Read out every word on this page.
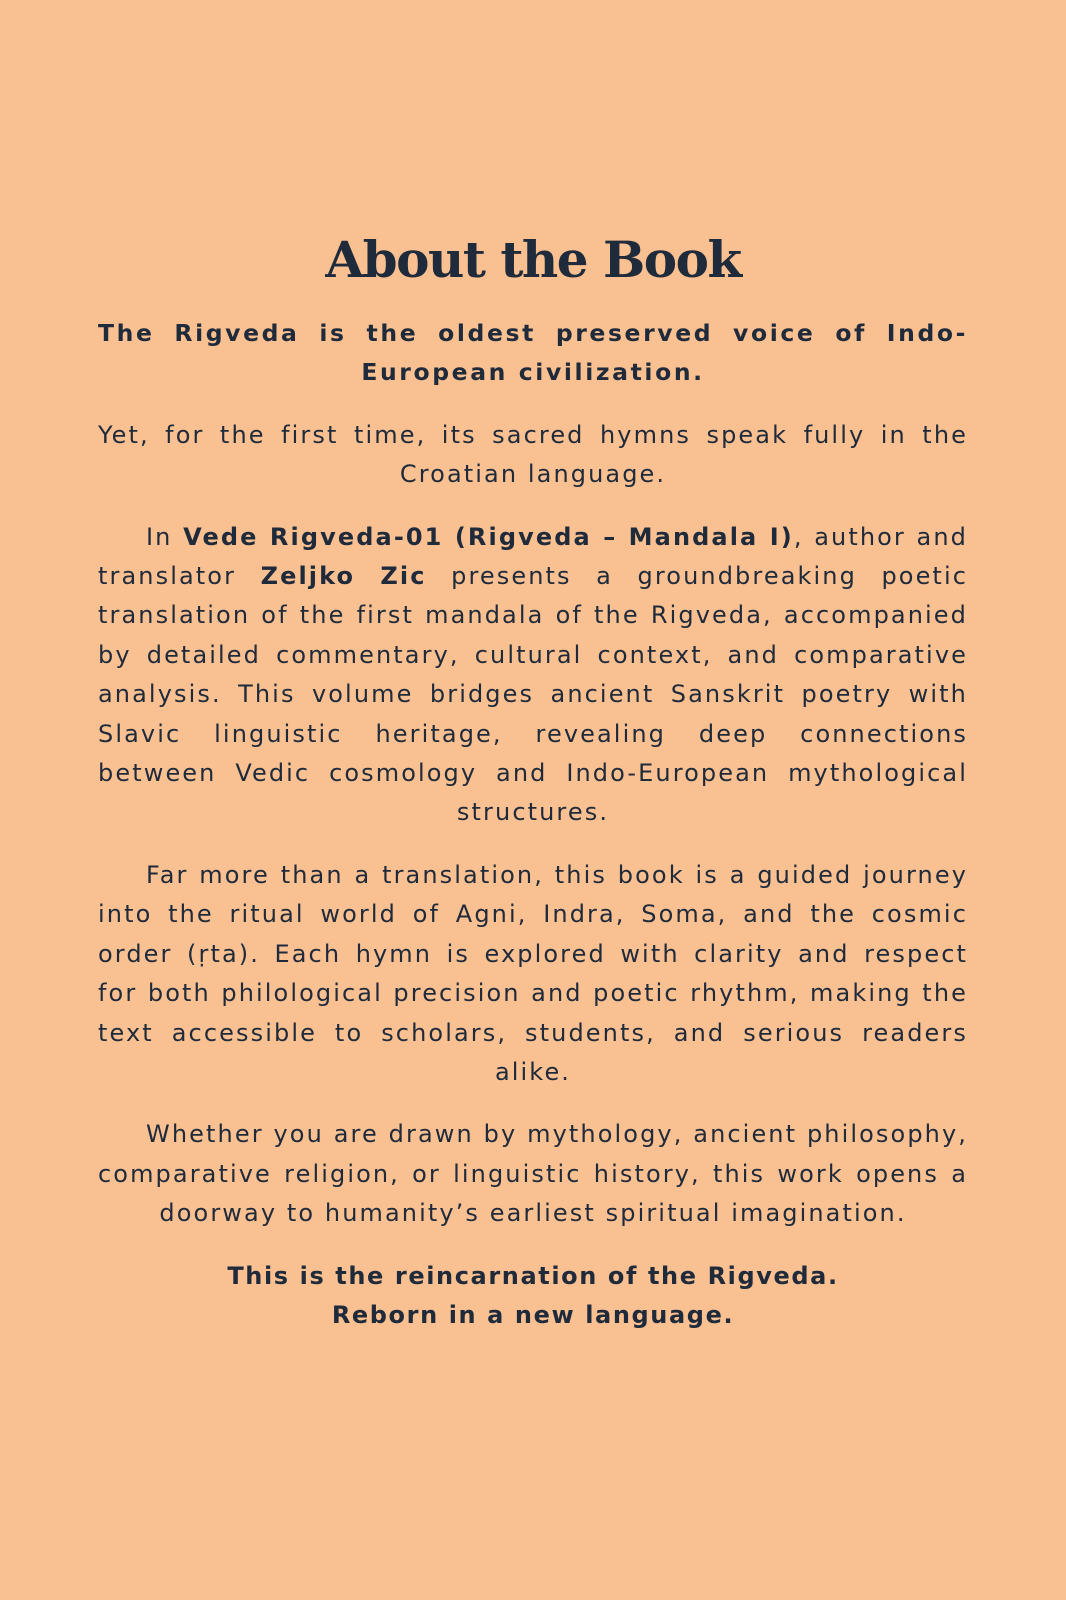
About the Book

The Rigveda is the oldest preserved voice of Indo-European civilization.

Yet, for the first time, its sacred hymns speak fully in the Croatian language.

In Vede Rigveda-01 (Rigveda – Mandala I), author and translator Zeljko Zic presents a groundbreaking poetic translation of the first mandala of the Rigveda, accompanied by detailed commentary, cultural context, and comparative analysis. This volume bridges ancient Sanskrit poetry with Slavic linguistic heritage, revealing deep connections between Vedic cosmology and Indo-European mythological structures.

Far more than a translation, this book is a guided journey into the ritual world of Agni, Indra, Soma, and the cosmic order (ṛta). Each hymn is explored with clarity and respect for both philological precision and poetic rhythm, making the text accessible to scholars, students, and serious readers alike.

Whether you are drawn by mythology, ancient philosophy, comparative religion, or linguistic history, this work opens a doorway to humanity’s earliest spiritual imagination.

This is the reincarnation of the Rigveda.
Reborn in a new language.
